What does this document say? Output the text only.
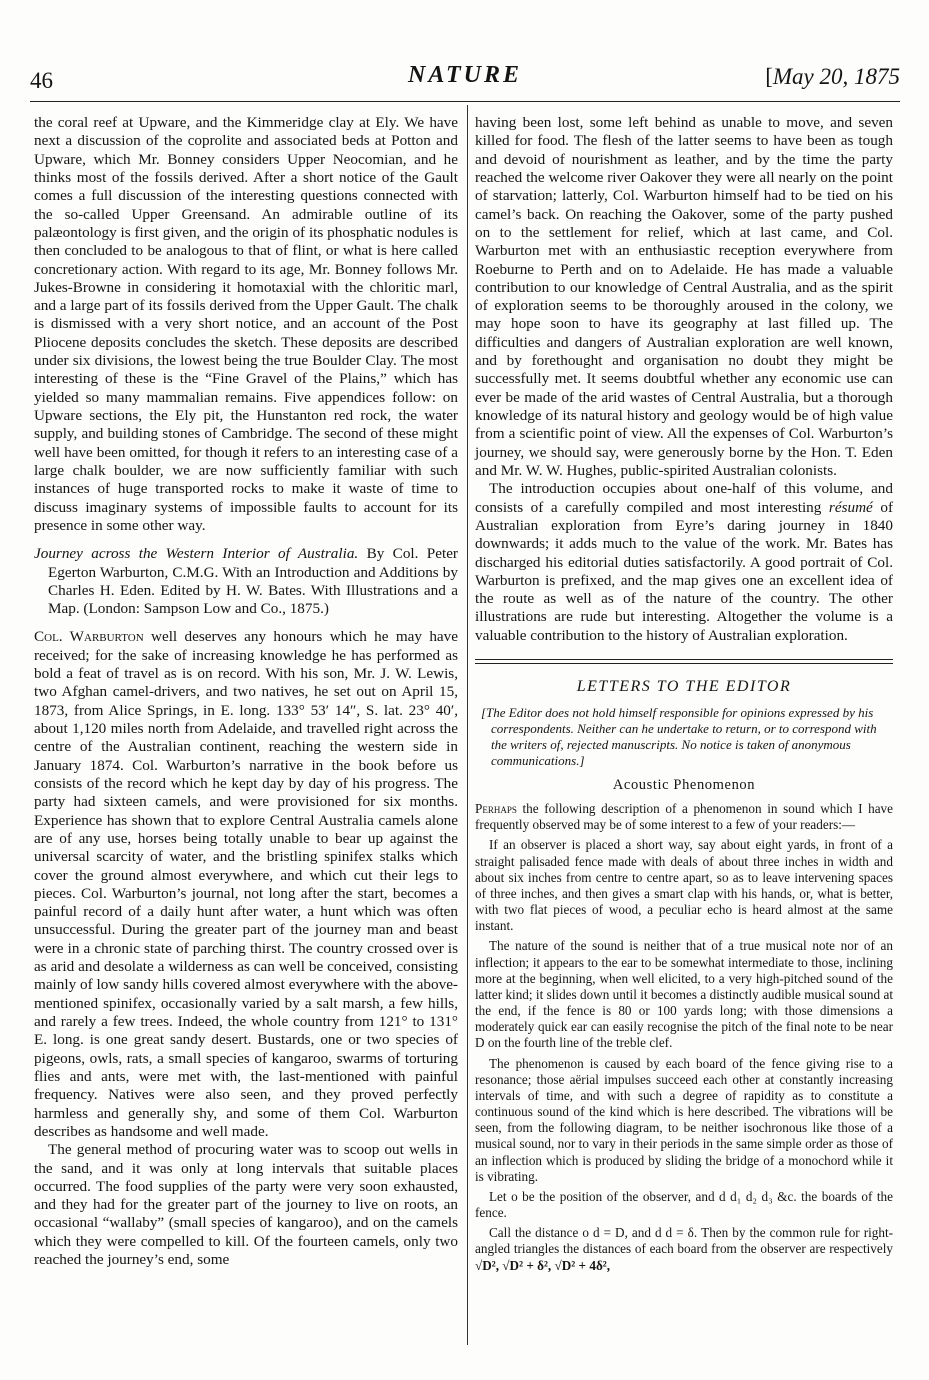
46	NATURE	[May 20, 1875

the coral reef at Upware, and the Kimmeridge clay at Ely. We have next a discussion of the coprolite and associated beds at Potton and Upware, which Mr. Bonney considers Upper Neocomian, and he thinks most of the fossils derived. After a short notice of the Gault comes a full discussion of the interesting questions connected with the so-called Upper Greensand. An admirable outline of its palæontology is first given, and the origin of its phosphatic nodules is then concluded to be analogous to that of flint, or what is here called concretionary action. With regard to its age, Mr. Bonney follows Mr. Jukes-Browne in considering it homotaxial with the chloritic marl, and a large part of its fossils derived from the Upper Gault. The chalk is dismissed with a very short notice, and an account of the Post Pliocene deposits concludes the sketch. These deposits are described under six divisions, the lowest being the true Boulder Clay. The most interesting of these is the “Fine Gravel of the Plains,” which has yielded so many mammalian remains. Five appendices follow: on Upware sections, the Ely pit, the Hunstanton red rock, the water supply, and building stones of Cambridge. The second of these might well have been omitted, for though it refers to an interesting case of a large chalk boulder, we are now sufficiently familiar with such instances of huge transported rocks to make it waste of time to discuss imaginary systems of impossible faults to account for its presence in some other way.

Journey across the Western Interior of Australia. By Col. Peter Egerton Warburton, C.M.G. With an Introduction and Additions by Charles H. Eden. Edited by H. W. Bates. With Illustrations and a Map. (London: Sampson Low and Co., 1875.)

Col. Warburton well deserves any honours which he may have received; for the sake of increasing knowledge he has performed as bold a feat of travel as is on record. With his son, Mr. J. W. Lewis, two Afghan camel-drivers, and two natives, he set out on April 15, 1873, from Alice Springs, in E. long. 133° 53′ 14″, S. lat. 23° 40′, about 1,120 miles north from Adelaide, and travelled right across the centre of the Australian continent, reaching the western side in January 1874. Col. Warburton’s narrative in the book before us consists of the record which he kept day by day of his progress. The party had sixteen camels, and were provisioned for six months. Experience has shown that to explore Central Australia camels alone are of any use, horses being totally unable to bear up against the universal scarcity of water, and the bristling spinifex stalks which cover the ground almost everywhere, and which cut their legs to pieces. Col. Warburton’s journal, not long after the start, becomes a painful record of a daily hunt after water, a hunt which was often unsuccessful. During the greater part of the journey man and beast were in a chronic state of parching thirst. The country crossed over is as arid and desolate a wilderness as can well be conceived, consisting mainly of low sandy hills covered almost everywhere with the above-mentioned spinifex, occasionally varied by a salt marsh, a few hills, and rarely a few trees. Indeed, the whole country from 121° to 131° E. long. is one great sandy desert. Bustards, one or two species of pigeons, owls, rats, a small species of kangaroo, swarms of torturing flies and ants, were met with, the last-mentioned with painful frequency. Natives were also seen, and they proved perfectly harmless and generally shy, and some of them Col. Warburton describes as handsome and well made.

The general method of procuring water was to scoop out wells in the sand, and it was only at long intervals that suitable places occurred. The food supplies of the party were very soon exhausted, and they had for the greater part of the journey to live on roots, an occasional “wallaby” (small species of kangaroo), and on the camels which they were compelled to kill. Of the fourteen camels, only two reached the journey’s end, some

having been lost, some left behind as unable to move, and seven killed for food. The flesh of the latter seems to have been as tough and devoid of nourishment as leather, and by the time the party reached the welcome river Oakover they were all nearly on the point of starvation; latterly, Col. Warburton himself had to be tied on his camel’s back. On reaching the Oakover, some of the party pushed on to the settlement for relief, which at last came, and Col. Warburton met with an enthusiastic reception everywhere from Roeburne to Perth and on to Adelaide. He has made a valuable contribution to our knowledge of Central Australia, and as the spirit of exploration seems to be thoroughly aroused in the colony, we may hope soon to have its geography at last filled up. The difficulties and dangers of Australian exploration are well known, and by forethought and organisation no doubt they might be successfully met. It seems doubtful whether any economic use can ever be made of the arid wastes of Central Australia, but a thorough knowledge of its natural history and geology would be of high value from a scientific point of view. All the expenses of Col. Warburton’s journey, we should say, were generously borne by the Hon. T. Eden and Mr. W. W. Hughes, public-spirited Australian colonists.

The introduction occupies about one-half of this volume, and consists of a carefully compiled and most interesting résumé of Australian exploration from Eyre’s daring journey in 1840 downwards; it adds much to the value of the work. Mr. Bates has discharged his editorial duties satisfactorily. A good portrait of Col. Warburton is prefixed, and the map gives one an excellent idea of the route as well as of the nature of the country. The other illustrations are rude but interesting. Altogether the volume is a valuable contribution to the history of Australian exploration.

LETTERS TO THE EDITOR

[The Editor does not hold himself responsible for opinions expressed by his correspondents. Neither can he undertake to return, or to correspond with the writers of, rejected manuscripts. No notice is taken of anonymous communications.]

Acoustic Phenomenon

Perhaps the following description of a phenomenon in sound which I have frequently observed may be of some interest to a few of your readers:—

If an observer is placed a short way, say about eight yards, in front of a straight palisaded fence made with deals of about three inches in width and about six inches from centre to centre apart, so as to leave intervening spaces of three inches, and then gives a smart clap with his hands, or, what is better, with two flat pieces of wood, a peculiar echo is heard almost at the same instant.

The nature of the sound is neither that of a true musical note nor of an inflection; it appears to the ear to be somewhat intermediate to those, inclining more at the beginning, when well elicited, to a very high-pitched sound of the latter kind; it slides down until it becomes a distinctly audible musical sound at the end, if the fence is 80 or 100 yards long; with those dimensions a moderately quick ear can easily recognise the pitch of the final note to be near D on the fourth line of the treble clef.

The phenomenon is caused by each board of the fence giving rise to a resonance; those aërial impulses succeed each other at constantly increasing intervals of time, and with such a degree of rapidity as to constitute a continuous sound of the kind which is here described. The vibrations will be seen, from the following diagram, to be neither isochronous like those of a musical sound, nor to vary in their periods in the same simple order as those of an inflection which is produced by sliding the bridge of a monochord while it is vibrating.

Let o be the position of the observer, and d d₁ d₂ d₃ &c. the boards of the fence.

Call the distance o d = D, and d d = δ. Then by the common rule for right-angled triangles the distances of each board from the observer are respectively √D², √D² + δ², √D² + 4δ²,
